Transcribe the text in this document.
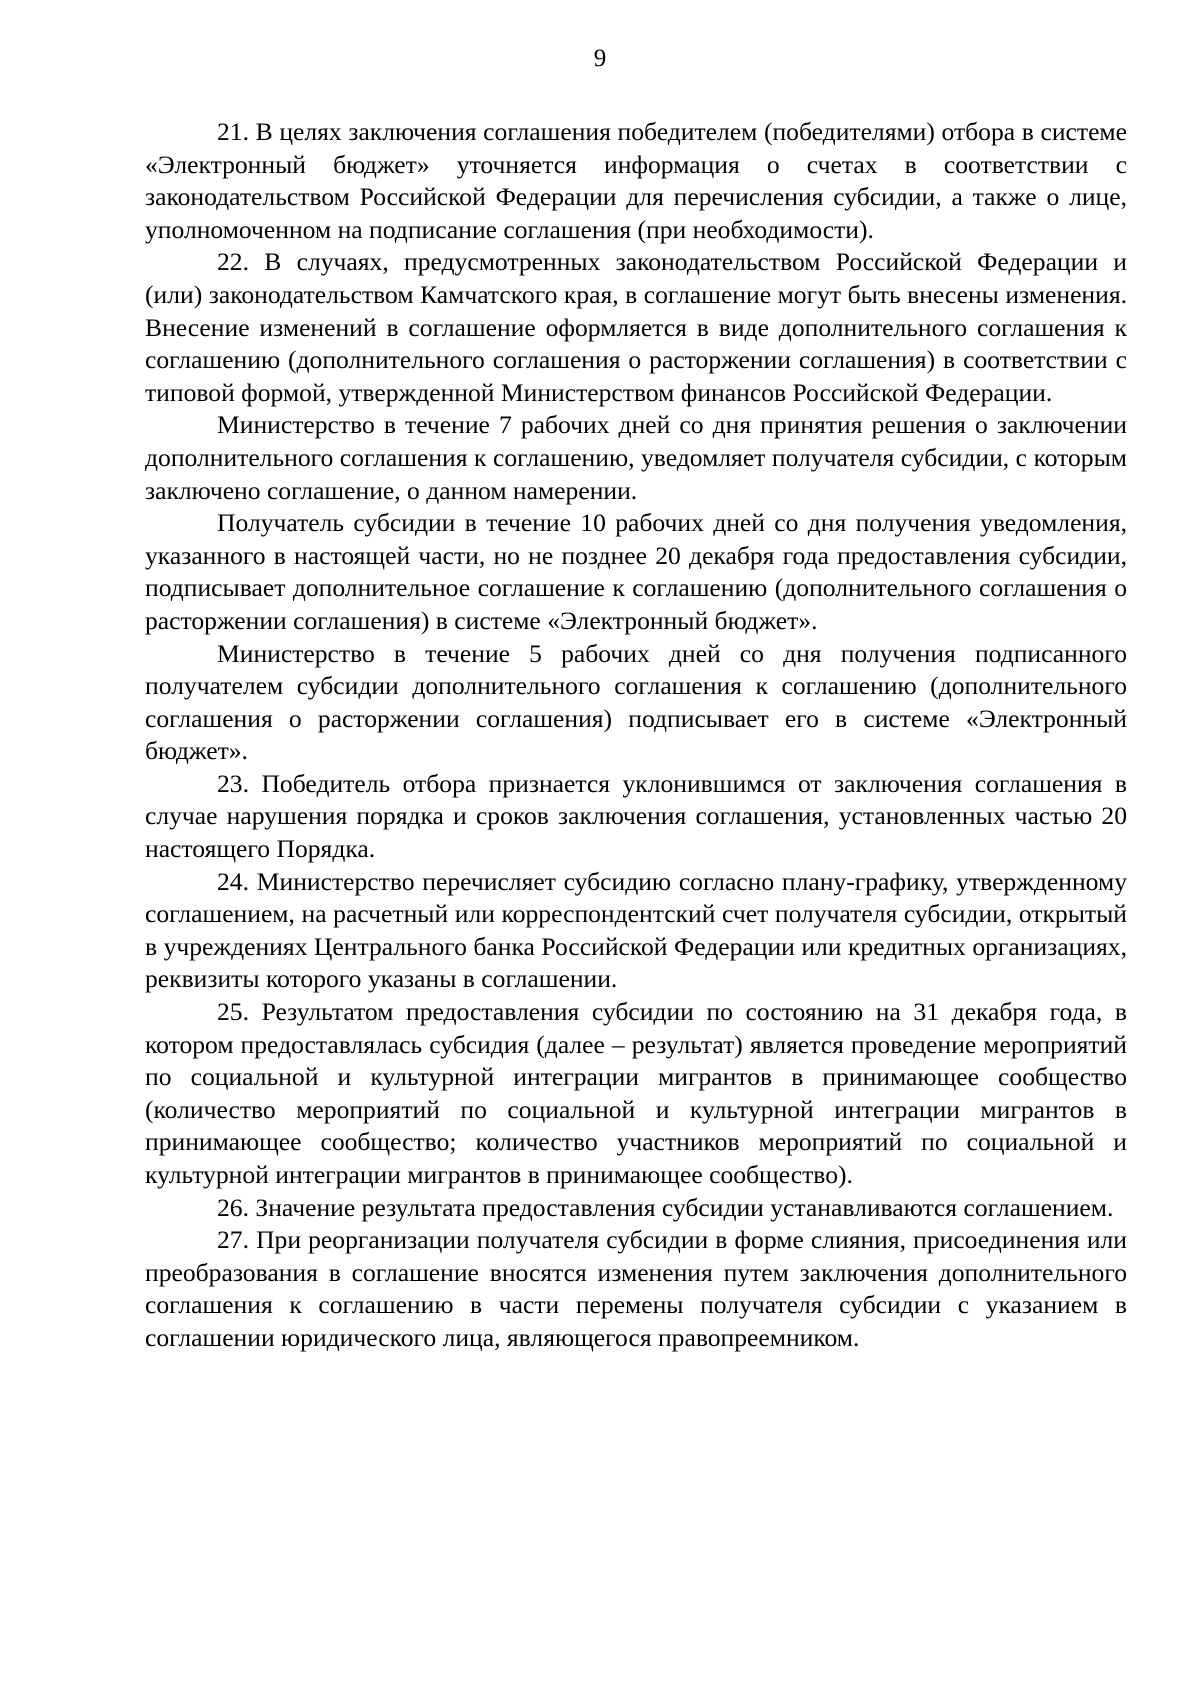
9

21. В целях заключения соглашения победителем (победителями) отбора в системе «Электронный бюджет» уточняется информация о счетах в соответствии с законодательством Российской Федерации для перечисления субсидии, а также о лице, уполномоченном на подписание соглашения (при необходимости).

22. В случаях, предусмотренных законодательством Российской Федерации и (или) законодательством Камчатского края, в соглашение могут быть внесены изменения. Внесение изменений в соглашение оформляется в виде дополнительного соглашения к соглашению (дополнительного соглашения о расторжении соглашения) в соответствии с типовой формой, утвержденной Министерством финансов Российской Федерации.

Министерство в течение 7 рабочих дней со дня принятия решения о заключении дополнительного соглашения к соглашению, уведомляет получателя субсидии, с которым заключено соглашение, о данном намерении.

Получатель субсидии в течение 10 рабочих дней со дня получения уведомления, указанного в настоящей части, но не позднее 20 декабря года предоставления субсидии, подписывает дополнительное соглашение к соглашению (дополнительного соглашения о расторжении соглашения) в системе «Электронный бюджет».

Министерство в течение 5 рабочих дней со дня получения подписанного получателем субсидии дополнительного соглашения к соглашению (дополнительного соглашения о расторжении соглашения) подписывает его в системе «Электронный бюджет».

23. Победитель отбора признается уклонившимся от заключения соглашения в случае нарушения порядка и сроков заключения соглашения, установленных частью 20 настоящего Порядка.

24. Министерство перечисляет субсидию согласно плану-графику, утвержденному соглашением, на расчетный или корреспондентский счет получателя субсидии, открытый в учреждениях Центрального банка Российской Федерации или кредитных организациях, реквизиты которого указаны в соглашении.

25. Результатом предоставления субсидии по состоянию на 31 декабря года, в котором предоставлялась субсидия (далее – результат) является проведение мероприятий по социальной и культурной интеграции мигрантов в принимающее сообщество (количество мероприятий по социальной и культурной интеграции мигрантов в принимающее сообщество; количество участников мероприятий по социальной и культурной интеграции мигрантов в принимающее сообщество).

26. Значение результата предоставления субсидии устанавливаются соглашением.

27. При реорганизации получателя субсидии в форме слияния, присоединения или преобразования в соглашение вносятся изменения путем заключения дополнительного соглашения к соглашению в части перемены получателя субсидии с указанием в соглашении юридического лица, являющегося правопреемником.
